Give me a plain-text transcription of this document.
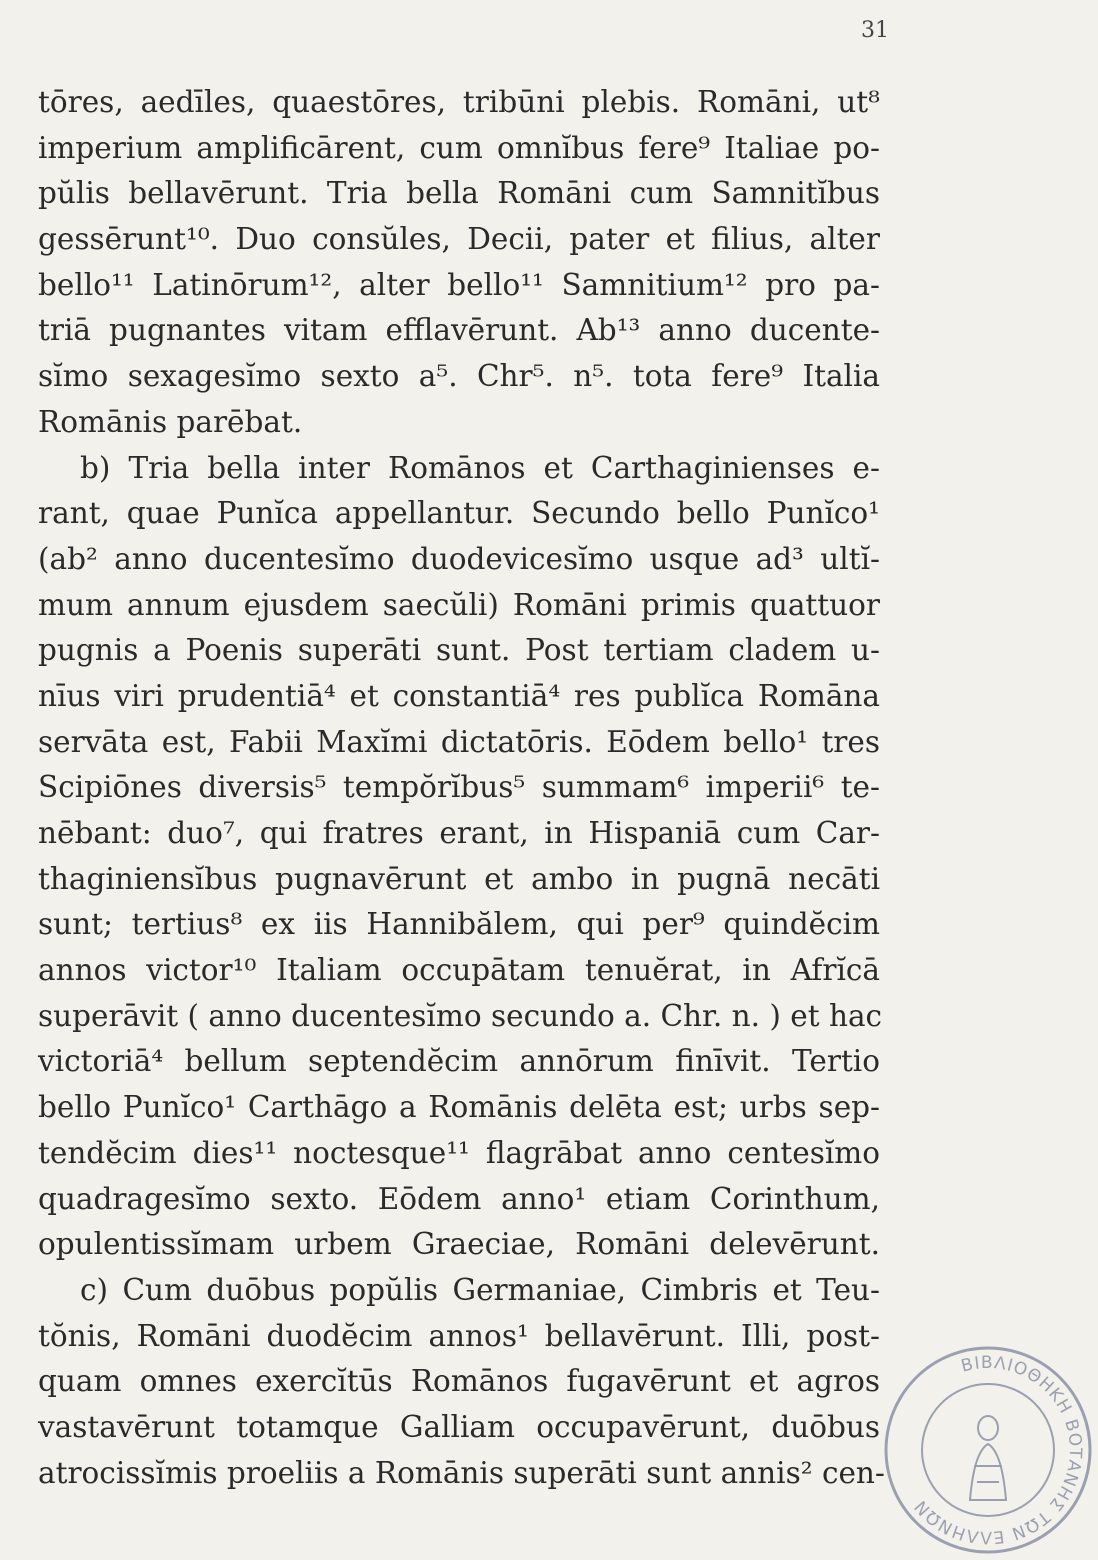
31
tōres, aedīles, quaestōres, tribūni plebis. Romāni, ut⁸
imperium amplificārent, cum omnĭbus fere⁹ Italiae po-
pŭlis bellavērunt. Tria bella Romāni cum Samnitĭbus
gessērunt¹⁰. Duo consŭles, Decii, pater et filius, alter
bello¹¹ Latinōrum¹², alter bello¹¹ Samnitium¹² pro pa-
triā pugnantes vitam efflavērunt. Ab¹³ anno ducente-
sĭmo sexagesĭmo sexto a⁵. Chr⁵. n⁵. tota fere⁹ Italia
Romānis parēbat.
b) Tria bella inter Romānos et Carthaginienses e-
rant, quae Punĭca appellantur. Secundo bello Punĭco¹
(ab² anno ducentesĭmo duodevicesĭmo usque ad³ ultĭ-
mum annum ejusdem saecŭli) Romāni primis quattuor
pugnis a Poenis superāti sunt. Post tertiam cladem u-
nīus viri prudentiā⁴ et constantiā⁴ res publĭca Romāna
servāta est, Fabii Maxĭmi dictatōris. Eōdem bello¹ tres
Scipiōnes diversis⁵ tempŏrĭbus⁵ summam⁶ imperii⁶ te-
nēbant: duo⁷, qui fratres erant, in Hispaniā cum Car-
thaginiensĭbus pugnavērunt et ambo in pugnā necāti
sunt; tertius⁸ ex iis Hannibălem, qui per⁹ quindĕcim
annos victor¹⁰ Italiam occupātam tenuĕrat, in Afrĭcā
superāvit ( anno ducentesĭmo secundo a. Chr. n. ) et hac
victoriā⁴ bellum septendĕcim annōrum finīvit. Tertio
bello Punĭco¹ Carthāgo a Romānis delēta est; urbs sep-
tendĕcim dies¹¹ noctesque¹¹ flagrābat anno centesĭmo
quadragesĭmo sexto. Eōdem anno¹ etiam Corinthum,
opulentissĭmam urbem Graeciae, Romāni delevērunt.
c) Cum duōbus popŭlis Germaniae, Cimbris et Teu-
tŏnis, Romāni duodĕcim annos¹ bellavērunt. Illi, post-
quam omnes exercĭtūs Romānos fugavērunt et agros
vastavērunt totamque Galliam occupavērunt, duōbus
atrocissĭmis proeliis a Romānis superāti sunt annis² cen-
ΒΙΒΛΙΟΘΗΚΗ ΒΟΤΑΝΗΣ ΤΩΝ ΕΛΛΗΝΩΝ
